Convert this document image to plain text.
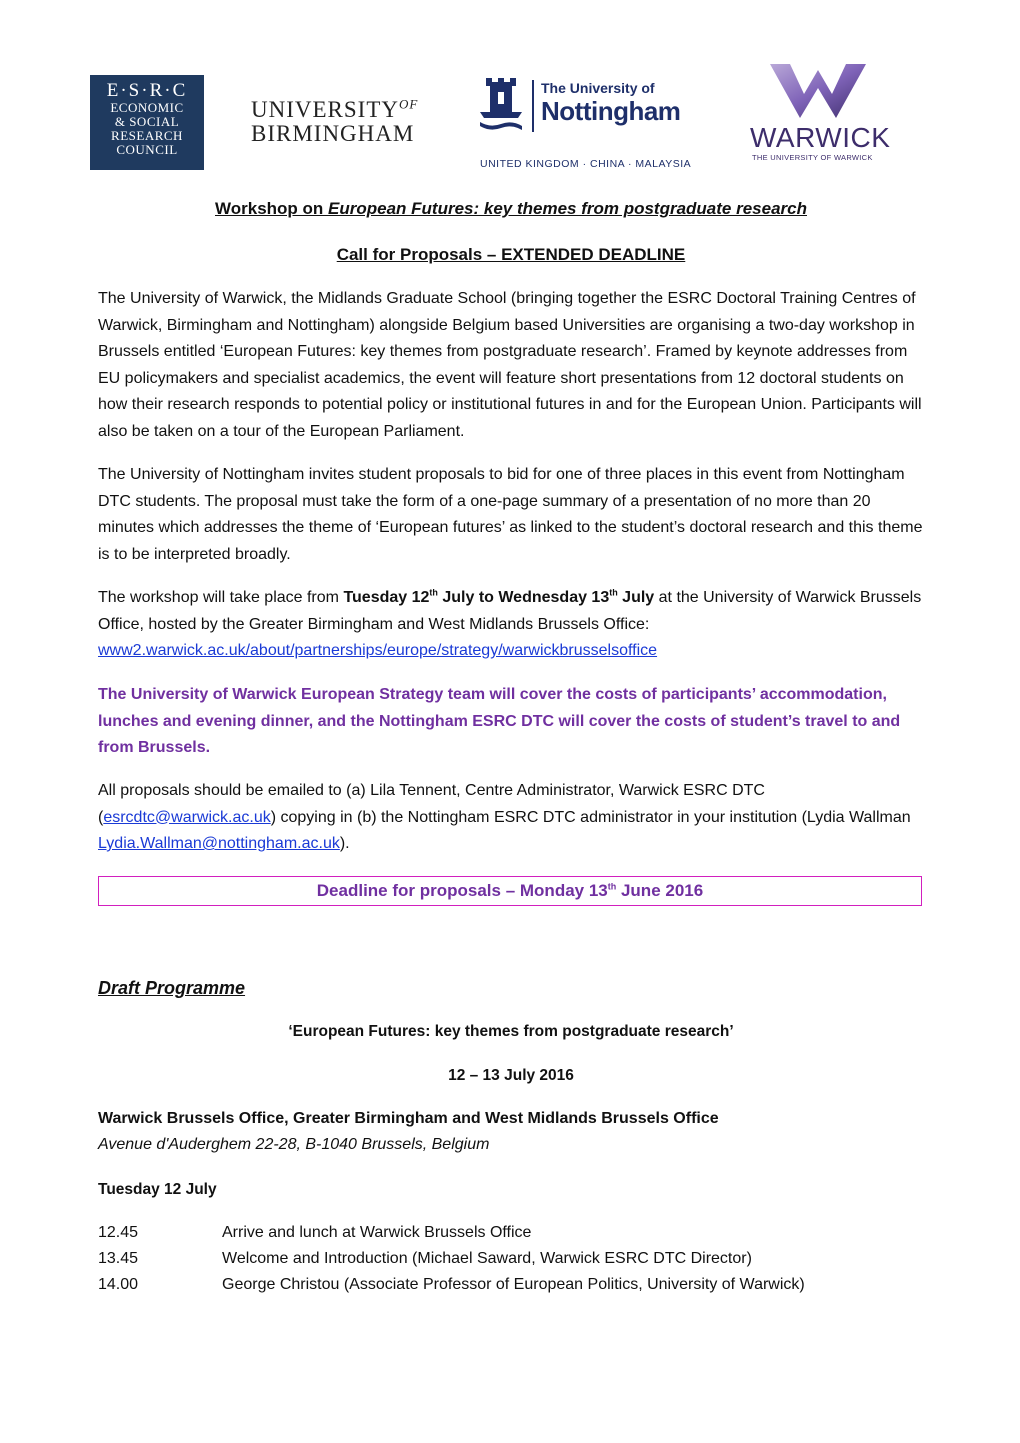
E·S·R·C
ECONOMIC
& SOCIAL
RESEARCH
COUNCIL
$UNIVERSITY^{OF}$
BIRMINGHAM
The University of
Nottingham
UNITED KINGDOM · CHINA · MALAYSIA
WARWICK
THE UNIVERSITY OF WARWICK
Workshop on European Futures: key themes from postgraduate research
Call for Proposals – EXTENDED DEADLINE

The University of Warwick, the Midlands Graduate School (bringing together the ESRC Doctoral Training Centres of Warwick, Birmingham and Nottingham) alongside Belgium based Universities are organising a two-day workshop in Brussels entitled ‘European Futures: key themes from postgraduate research’. Framed by keynote addresses from EU policymakers and specialist academics, the event will feature short presentations from 12 doctoral students on how their research responds to potential policy or institutional futures in and for the European Union. Participants will also be taken on a tour of the European Parliament.

The University of Nottingham invites student proposals to bid for one of three places in this event from Nottingham DTC students. The proposal must take the form of a one-page summary of a presentation of no more than 20 minutes which addresses the theme of ‘European futures’ as linked to the student’s doctoral research and this theme is to be interpreted broadly.

The workshop will take place from Tuesday 12th July to Wednesday 13th July at the University of Warwick Brussels Office, hosted by the Greater Birmingham and West Midlands Brussels Office: www2.warwick.ac.uk/about/partnerships/europe/strategy/warwickbrusselsoffice

The University of Warwick European Strategy team will cover the costs of participants’ accommodation, lunches and evening dinner, and the Nottingham ESRC DTC will cover the costs of student’s travel to and from Brussels.

All proposals should be emailed to (a) Lila Tennent, Centre Administrator, Warwick ESRC DTC (esrcdtc@warwick.ac.uk) copying in (b) the Nottingham ESRC DTC administrator in your institution (Lydia Wallman Lydia.Wallman@nottingham.ac.uk).

Deadline for proposals – Monday 13th June 2016
Draft Programme
‘European Futures: key themes from postgraduate research’
12 – 13 July 2016
Warwick Brussels Office, Greater Birmingham and West Midlands Brussels Office
Avenue d'Auderghem 22-28, B-1040 Brussels, Belgium
Tuesday 12 July
12.45	Arrive and lunch at Warwick Brussels Office
13.45	Welcome and Introduction (Michael Saward, Warwick ESRC DTC Director)
14.00	George Christou (Associate Professor of European Politics, University of Warwick)
